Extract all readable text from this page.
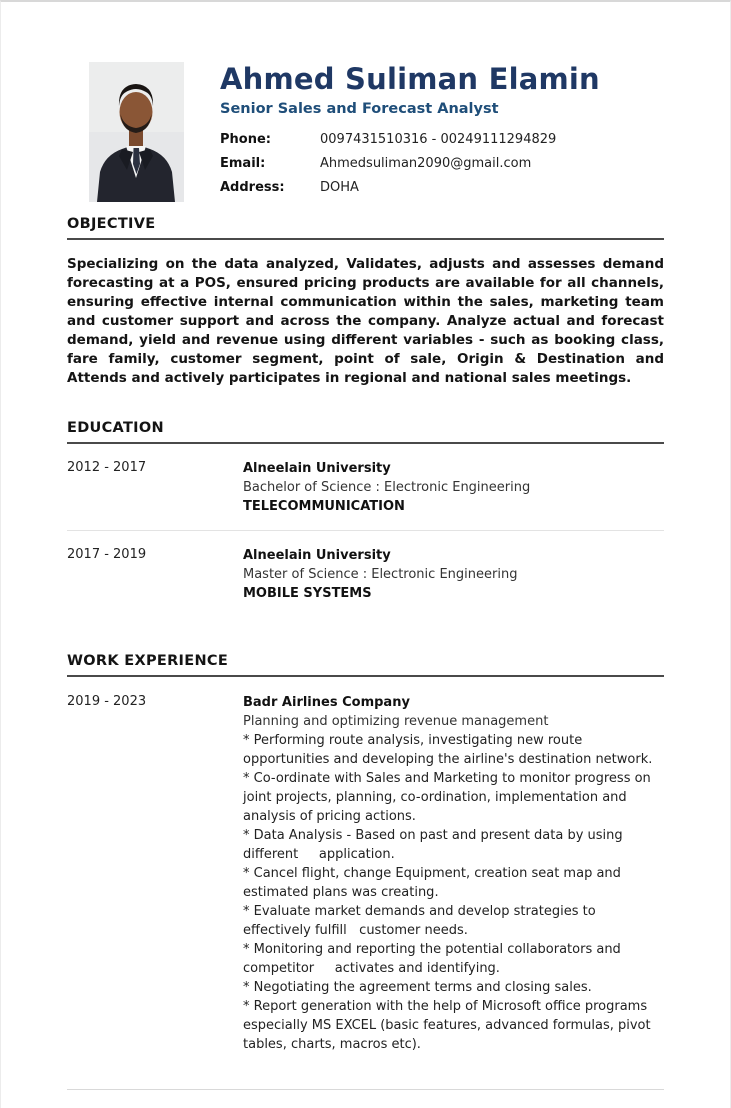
Ahmed Suliman Elamin
Senior Sales and Forecast Analyst
Phone:	0097431510316 - 00249111294829
Email:	Ahmedsuliman2090@gmail.com
Address:	DOHA
OBJECTIVE

Specializing on the data analyzed, Validates, adjusts and assesses demand forecasting at a POS, ensured pricing products are available for all channels, ensuring effective internal communication within the sales, marketing team and customer support and across the company. Analyze actual and forecast demand, yield and revenue using different variables - such as booking class, fare family, customer segment, point of sale, Origin & Destination and Attends and actively participates in regional and national sales meetings.

EDUCATION
2012 - 2017	Alneelain University
Bachelor of Science : Electronic Engineering
TELECOMMUNICATION
2017 - 2019	Alneelain University
Master of Science : Electronic Engineering
MOBILE SYSTEMS
WORK EXPERIENCE
2019 - 2023	Badr Airlines Company
Planning and optimizing revenue management
* Performing route analysis, investigating new route opportunities and developing the airline's destination network.
* Co-ordinate with Sales and Marketing to monitor progress on joint projects, planning, co-ordination, implementation and analysis of pricing actions.
* Data Analysis - Based on past and present data by using different     application.
* Cancel flight, change Equipment, creation seat map and estimated plans was creating.
* Evaluate market demands and develop strategies to effectively fulfill   customer needs.
* Monitoring and reporting the potential collaborators and competitor     activates and identifying.
* Negotiating the agreement terms and closing sales.
* Report generation with the help of Microsoft office programs especially MS EXCEL (basic features, advanced formulas, pivot tables, charts, macros etc).
